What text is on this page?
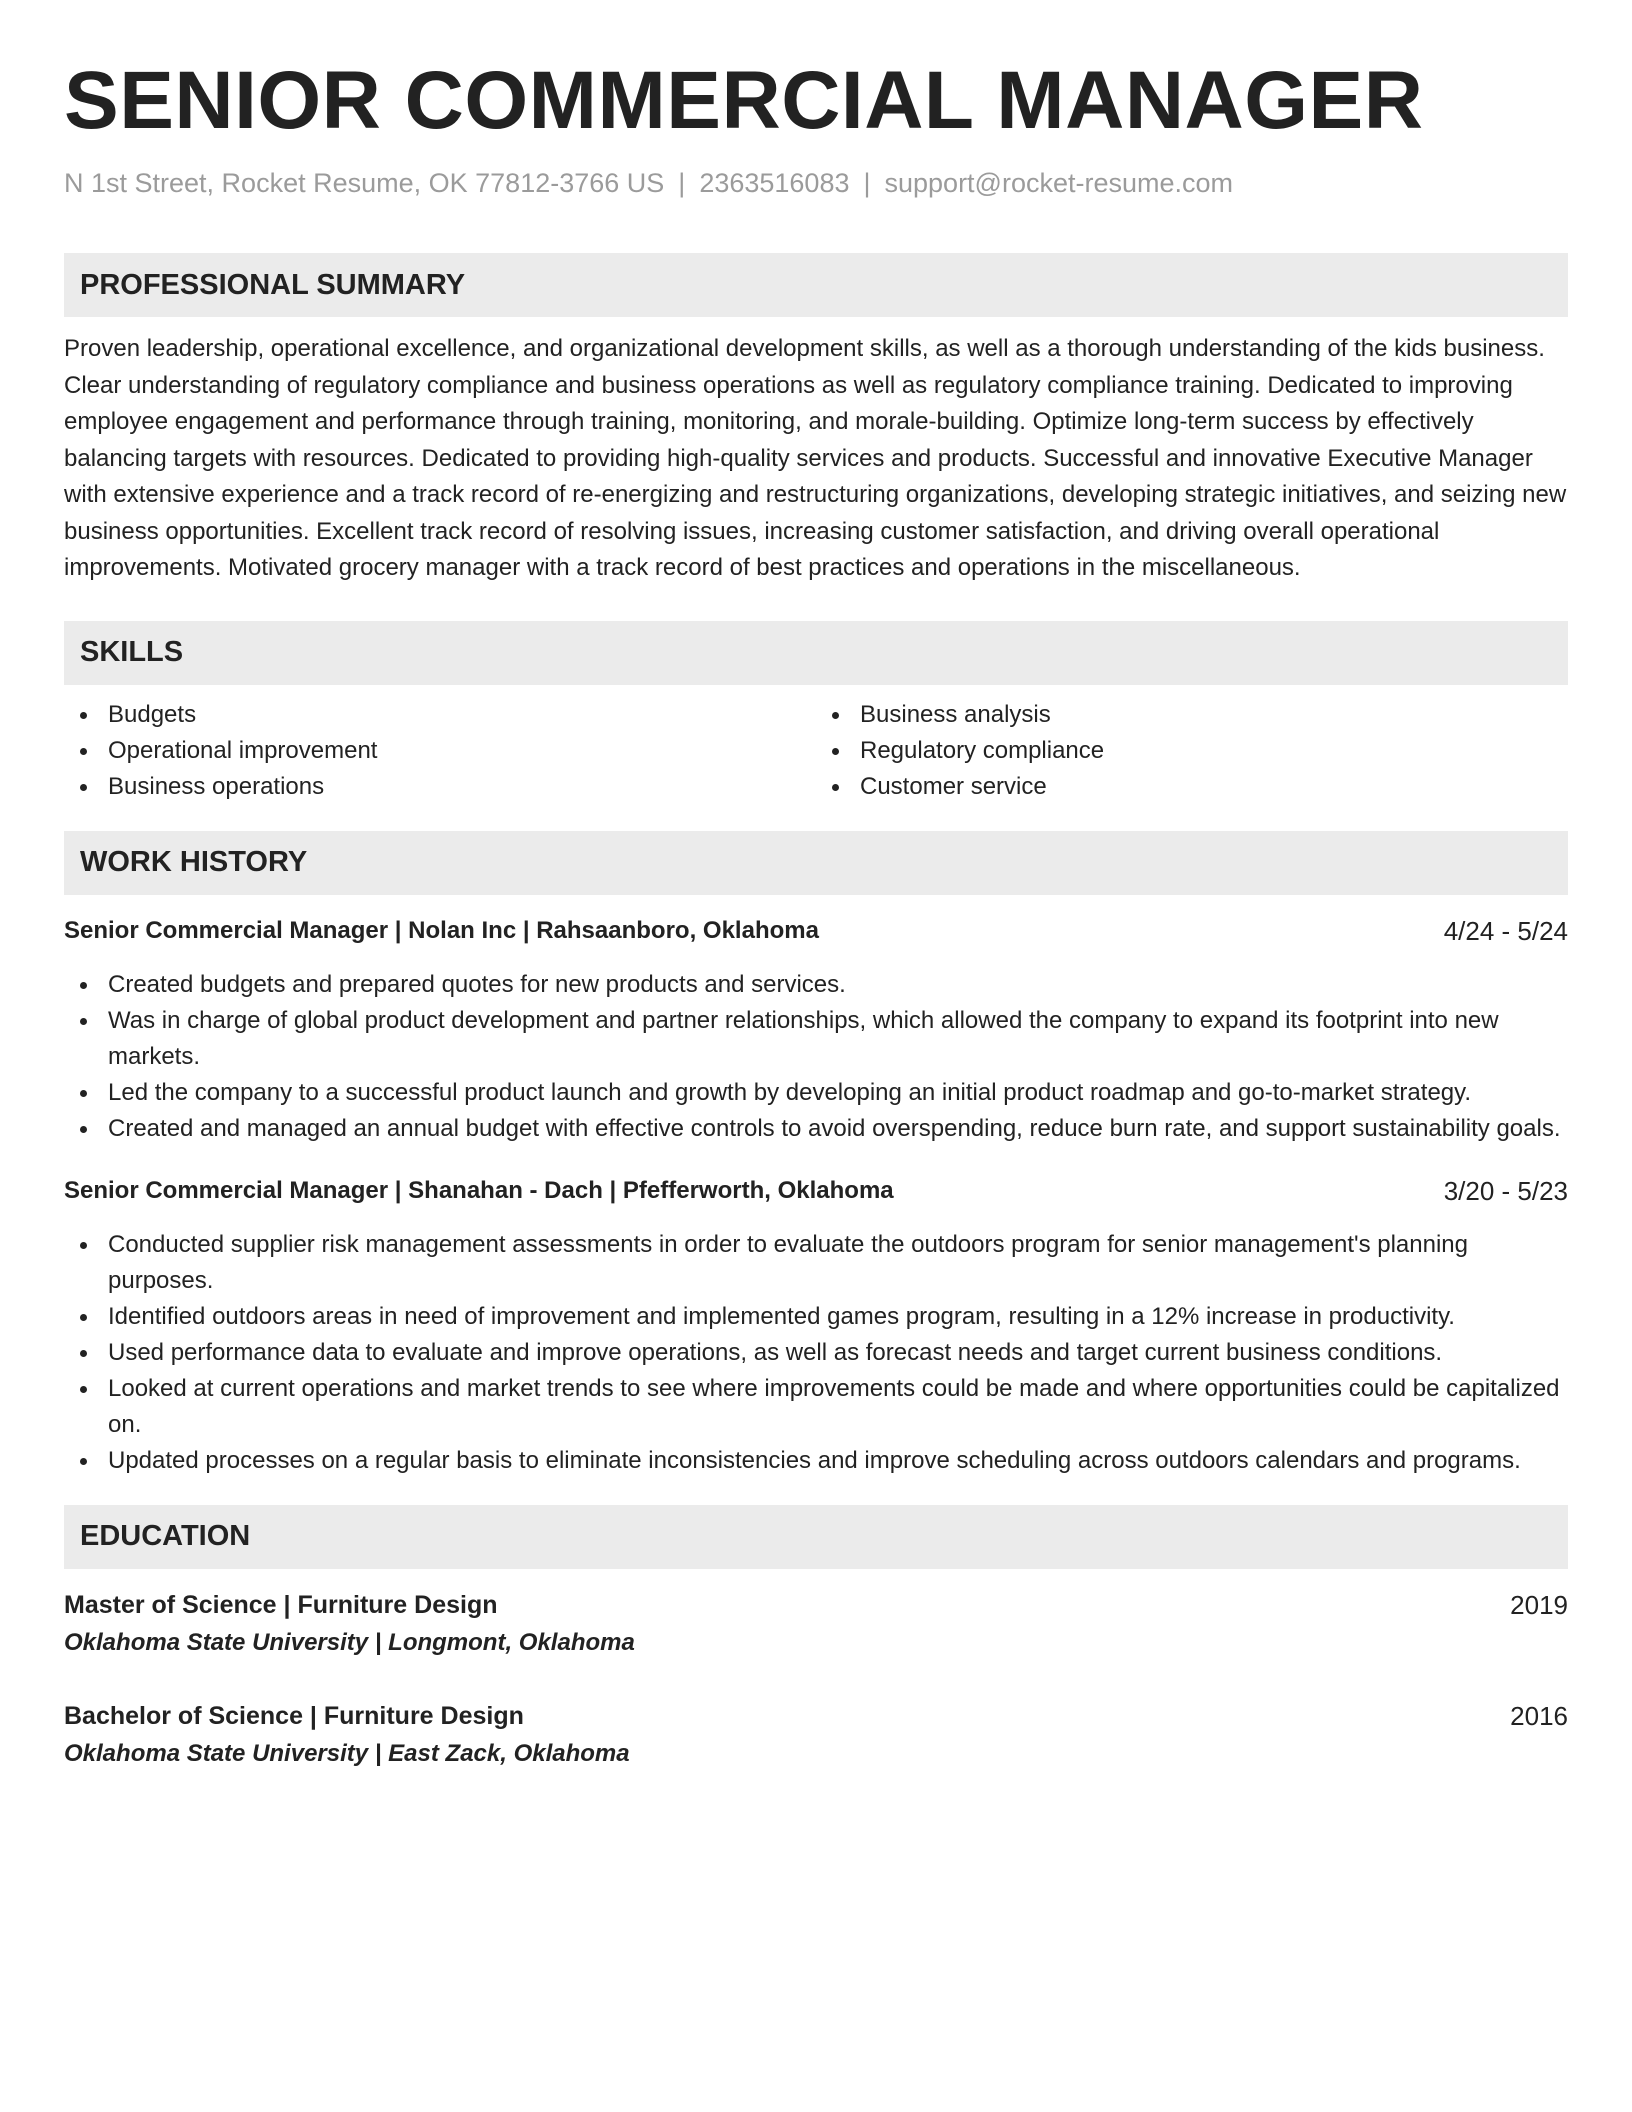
SENIOR COMMERCIAL MANAGER
N 1st Street, Rocket Resume, OK 77812-3766 US | 2363516083 | support@rocket-resume.com
PROFESSIONAL SUMMARY
Proven leadership, operational excellence, and organizational development skills, as well as a thorough understanding of the kids business. Clear understanding of regulatory compliance and business operations as well as regulatory compliance training. Dedicated to improving employee engagement and performance through training, monitoring, and morale-building. Optimize long-term success by effectively balancing targets with resources. Dedicated to providing high-quality services and products. Successful and innovative Executive Manager with extensive experience and a track record of re-energizing and restructuring organizations, developing strategic initiatives, and seizing new business opportunities. Excellent track record of resolving issues, increasing customer satisfaction, and driving overall operational improvements. Motivated grocery manager with a track record of best practices and operations in the miscellaneous.
SKILLS
Budgets
Operational improvement
Business operations
Business analysis
Regulatory compliance
Customer service
WORK HISTORY
Senior Commercial Manager | Nolan Inc | Rahsaanboro, Oklahoma	4/24 - 5/24
Created budgets and prepared quotes for new products and services.
Was in charge of global product development and partner relationships, which allowed the company to expand its footprint into new markets.
Led the company to a successful product launch and growth by developing an initial product roadmap and go-to-market strategy.
Created and managed an annual budget with effective controls to avoid overspending, reduce burn rate, and support sustainability goals.
Senior Commercial Manager | Shanahan - Dach | Pfefferworth, Oklahoma	3/20 - 5/23
Conducted supplier risk management assessments in order to evaluate the outdoors program for senior management's planning purposes.
Identified outdoors areas in need of improvement and implemented games program, resulting in a 12% increase in productivity.
Used performance data to evaluate and improve operations, as well as forecast needs and target current business conditions.
Looked at current operations and market trends to see where improvements could be made and where opportunities could be capitalized on.
Updated processes on a regular basis to eliminate inconsistencies and improve scheduling across outdoors calendars and programs.
EDUCATION
Master of Science | Furniture Design	2019
Oklahoma State University | Longmont, Oklahoma
Bachelor of Science | Furniture Design	2016
Oklahoma State University | East Zack, Oklahoma
